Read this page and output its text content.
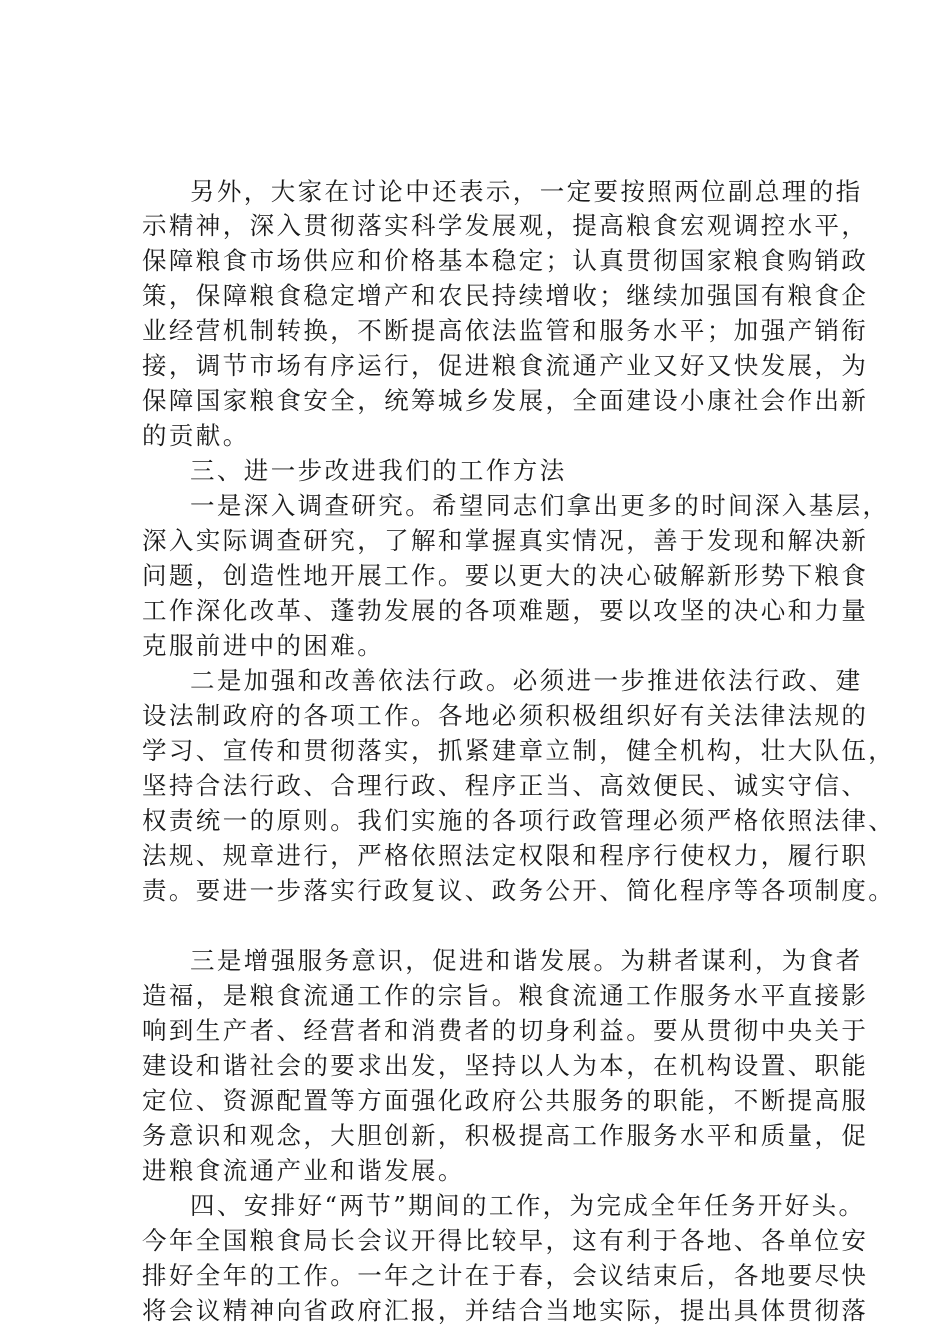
另外，大家在讨论中还表示，一定要按照两位副总理的指
示精神，深入贯彻落实科学发展观，提高粮食宏观调控水平，
保障粮食市场供应和价格基本稳定；认真贯彻国家粮食购销政
策，保障粮食稳定增产和农民持续增收；继续加强国有粮食企
业经营机制转换，不断提高依法监管和服务水平；加强产销衔
接，调节市场有序运行，促进粮食流通产业又好又快发展，为
保障国家粮食安全，统筹城乡发展，全面建设小康社会作出新
的贡献。
三、进一步改进我们的工作方法
一是深入调查研究。希望同志们拿出更多的时间深入基层，
深入实际调查研究，了解和掌握真实情况，善于发现和解决新
问题，创造性地开展工作。要以更大的决心破解新形势下粮食
工作深化改革、蓬勃发展的各项难题，要以攻坚的决心和力量
克服前进中的困难。
二是加强和改善依法行政。必须进一步推进依法行政、建
设法制政府的各项工作。各地必须积极组织好有关法律法规的
学习、宣传和贯彻落实，抓紧建章立制，健全机构，壮大队伍，
坚持合法行政、合理行政、程序正当、高效便民、诚实守信、
权责统一的原则。我们实施的各项行政管理必须严格依照法律、
法规、规章进行，严格依照法定权限和程序行使权力，履行职
责。要进一步落实行政复议、政务公开、简化程序等各项制度。
三是增强服务意识，促进和谐发展。为耕者谋利，为食者
造福，是粮食流通工作的宗旨。粮食流通工作服务水平直接影
响到生产者、经营者和消费者的切身利益。要从贯彻中央关于
建设和谐社会的要求出发，坚持以人为本，在机构设置、职能
定位、资源配置等方面强化政府公共服务的职能，不断提高服
务意识和观念，大胆创新，积极提高工作服务水平和质量，促
进粮食流通产业和谐发展。
四、安排好“两节”期间的工作，为完成全年任务开好头。
今年全国粮食局长会议开得比较早，这有利于各地、各单位安
排好全年的工作。一年之计在于春，会议结束后，各地要尽快
将会议精神向省政府汇报，并结合当地实际，提出具体贯彻落
